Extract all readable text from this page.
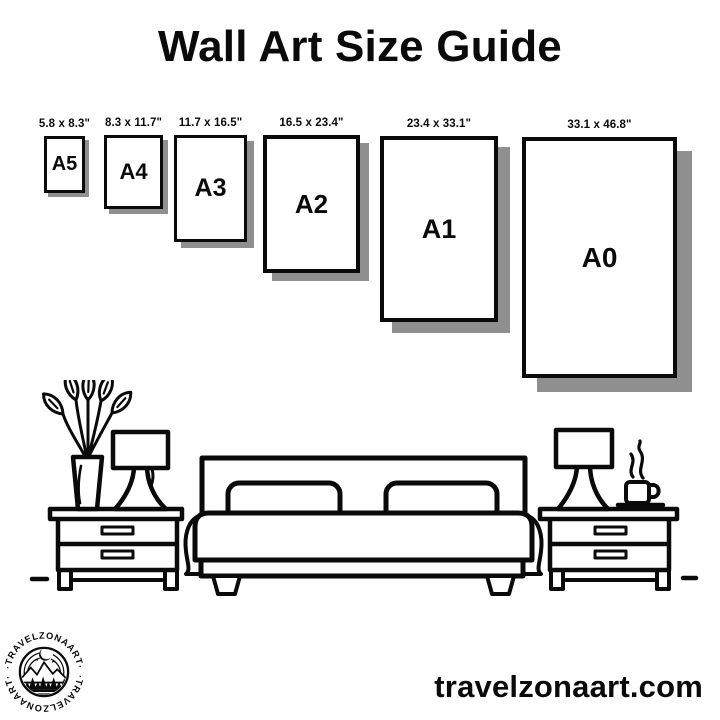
Wall Art Size Guide
5.8 x 8.3"
A5
8.3 x 11.7"
A4
11.7 x 16.5"
A3
16.5 x 23.4"
A2
23.4 x 33.1"
A1
33.1 x 46.8"
A0
·TRAVELZONAART·
·TRAVELZONAART·	travelzonaart.com
